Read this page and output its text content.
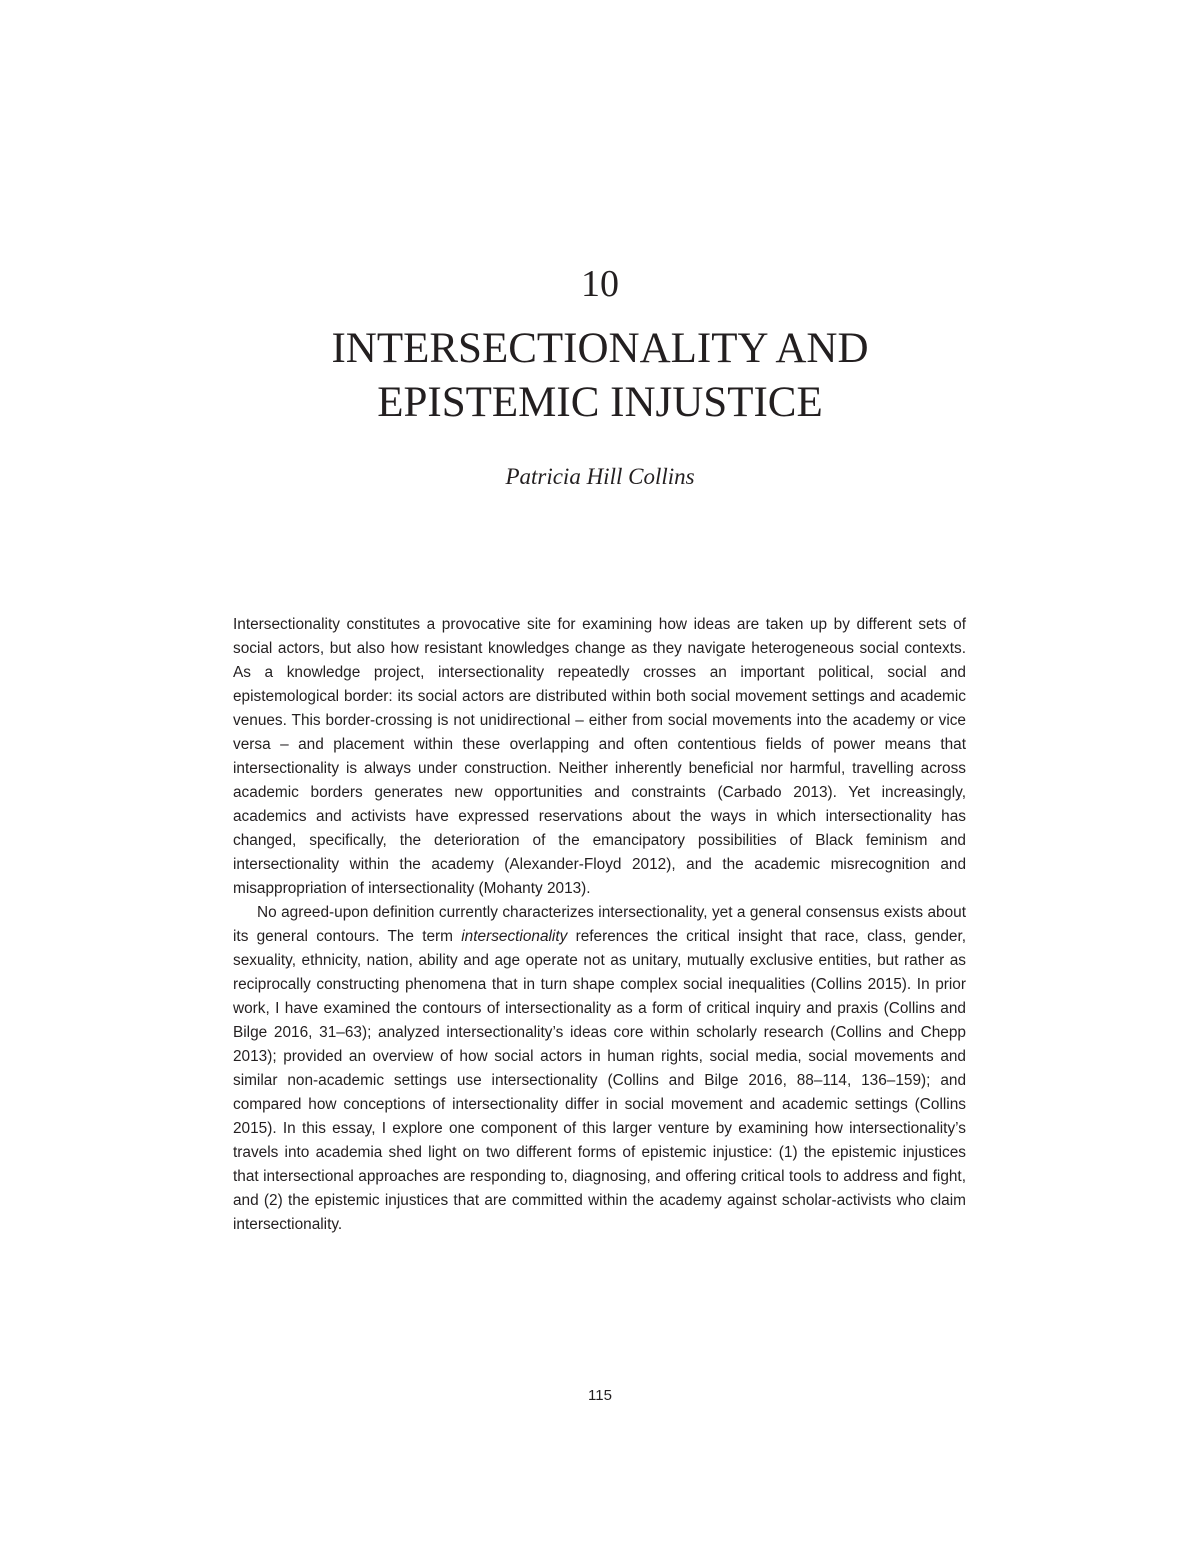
10
INTERSECTIONALITY AND
EPISTEMIC INJUSTICE

Patricia Hill Collins

Intersectionality constitutes a provocative site for examining how ideas are taken up by different sets of social actors, but also how resistant knowledges change as they navigate heterogeneous social contexts. As a knowledge project, intersectionality repeatedly crosses an important political, social and epistemological border: its social actors are distributed within both social movement settings and academic venues. This border-crossing is not unidirectional – either from social movements into the academy or vice versa – and placement within these overlapping and often contentious fields of power means that intersectionality is always under construction. Neither inherently beneficial nor harmful, travelling across academic borders generates new opportunities and constraints (Carbado 2013). Yet increasingly, academics and activists have expressed reservations about the ways in which intersectionality has changed, specifically, the deterioration of the emancipatory possibilities of Black feminism and intersectionality within the academy (Alexander-Floyd 2012), and the academic misrecognition and misappropriation of intersectionality (Mohanty 2013).

No agreed-upon definition currently characterizes intersectionality, yet a general consensus exists about its general contours. The term intersectionality references the critical insight that race, class, gender, sexuality, ethnicity, nation, ability and age operate not as unitary, mutually exclusive entities, but rather as reciprocally constructing phenomena that in turn shape complex social inequalities (Collins 2015). In prior work, I have examined the contours of intersectionality as a form of critical inquiry and praxis (Collins and Bilge 2016, 31–63); analyzed intersectionality’s ideas core within scholarly research (Collins and Chepp 2013); provided an overview of how social actors in human rights, social media, social movements and similar non-academic settings use intersectionality (Collins and Bilge 2016, 88–114, 136–159); and compared how conceptions of intersectionality differ in social movement and academic settings (Collins 2015). In this essay, I explore one component of this larger venture by examining how intersectionality’s travels into academia shed light on two different forms of epistemic injustice: (1) the epistemic injustices that intersectional approaches are responding to, diagnosing, and offering critical tools to address and fight, and (2) the epistemic injustices that are committed within the academy against scholar-activists who claim intersectionality.

115
